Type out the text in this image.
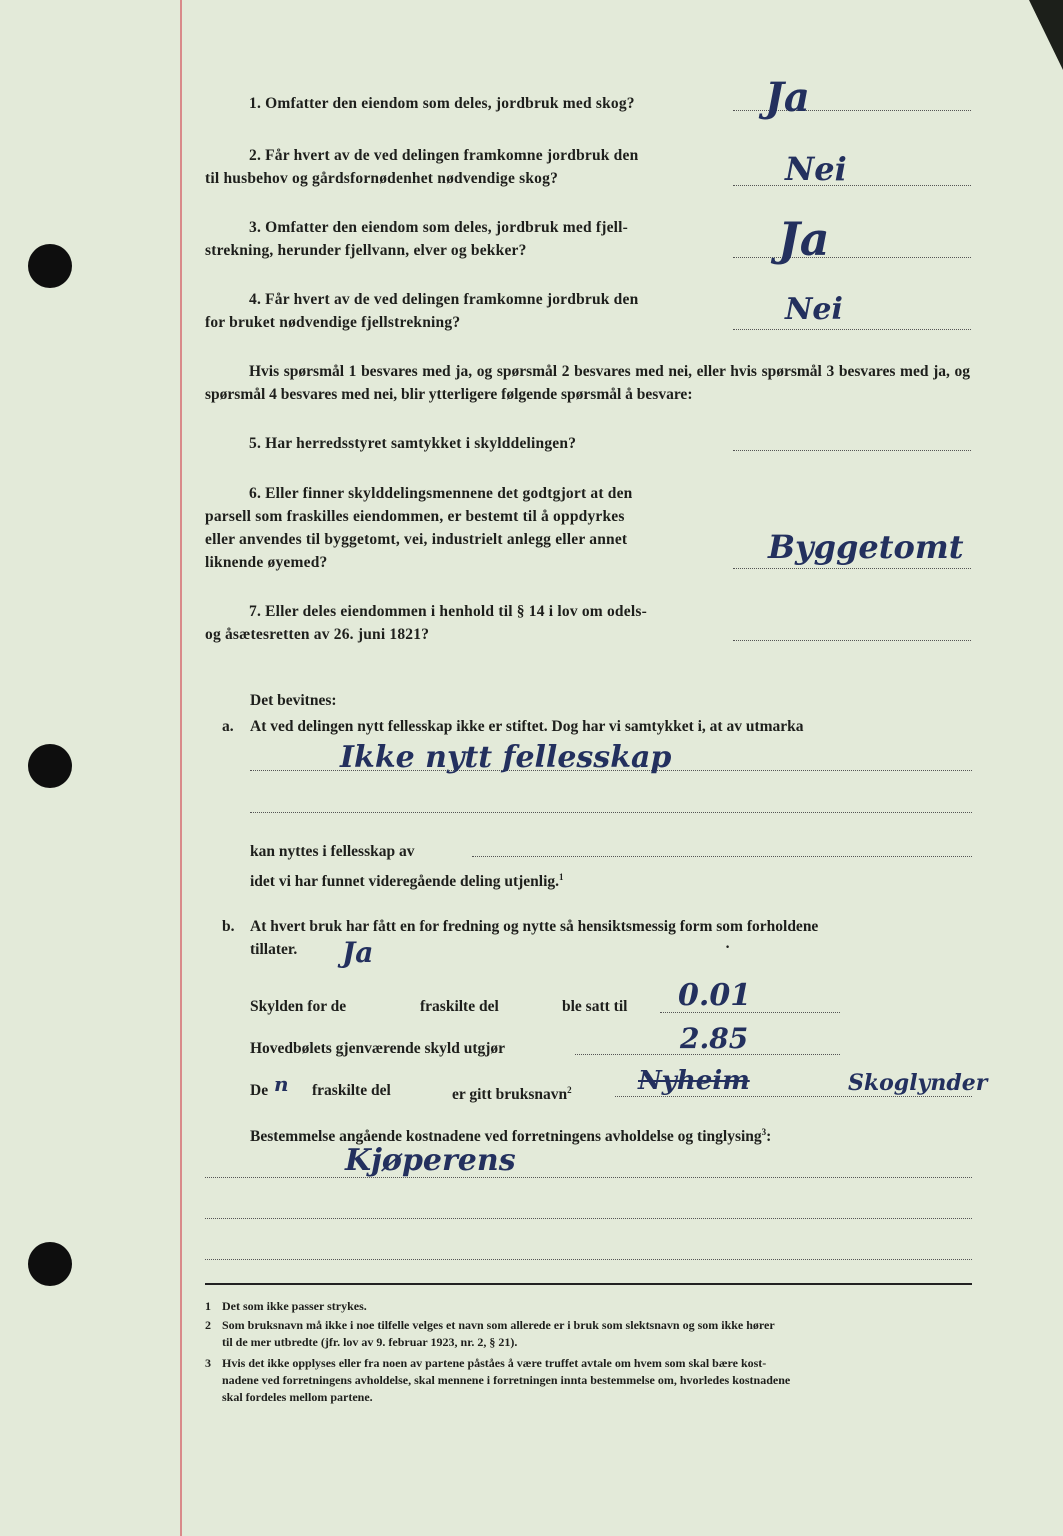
1. Omfatter den eiendom som deles, jordbruk med skog?	Ja
2. Får hvert av de ved delingen framkomne jordbruk den
til husbehov og gårdsfornødenhet nødvendige skog?	Nei
3. Omfatter den eiendom som deles, jordbruk med fjell-
strekning, herunder fjellvann, elver og bekker?	Ja
4. Får hvert av de ved delingen framkomne jordbruk den
for bruket nødvendige fjellstrekning?	Nei
Hvis spørsmål 1 besvares med ja, og spørsmål 2 besvares med nei, eller hvis spørsmål 3 besvares med ja, og spørsmål 4 besvares med nei, blir ytterligere følgende spørsmål å besvare:
5. Har herredsstyret samtykket i skylddelingen?
6. Eller finner skylddelingsmennene det godtgjort at den
parsell som fraskilles eiendommen, er bestemt til å oppdyrkes
eller anvendes til byggetomt, vei, industrielt anlegg eller annet
liknende øyemed?	Byggetomt
7. Eller deles eiendommen i henhold til § 14 i lov om odels-
og åsætesretten av 26. juni 1821?
Det bevitnes:
a. At ved delingen nytt fellesskap ikke er stiftet. Dog har vi samtykket i, at av utmarka
Ikke nytt fellesskap
kan nyttes i fellesskap av
idet vi har funnet videregående deling utjenlig.$^1$
b. At hvert bruk har fått en for fredning og nytte så hensiktsmessig form som forholdene
tillater. Ja	·
Skylden for de	fraskilte del	ble satt til 0.01
Hovedbølets gjenværende skyld utgjør	2.85
De n fraskilte del	er gitt bruksnavn$^2$	Nyheim	Skoglynder
Bestemmelse angående kostnadene ved forretningens avholdelse og tinglysing$^3$:
Kjøperens
1 Det som ikke passer strykes.
2 Som bruksnavn må ikke i noe tilfelle velges et navn som allerede er i bruk som slektsnavn og som ikke hører
til de mer utbredte (jfr. lov av 9. februar 1923, nr. 2, § 21).
3 Hvis det ikke opplyses eller fra noen av partene påståes å være truffet avtale om hvem som skal bære kost-
nadene ved forretningens avholdelse, skal mennene i forretningen innta bestemmelse om, hvorledes kostnadene
skal fordeles mellom partene.
